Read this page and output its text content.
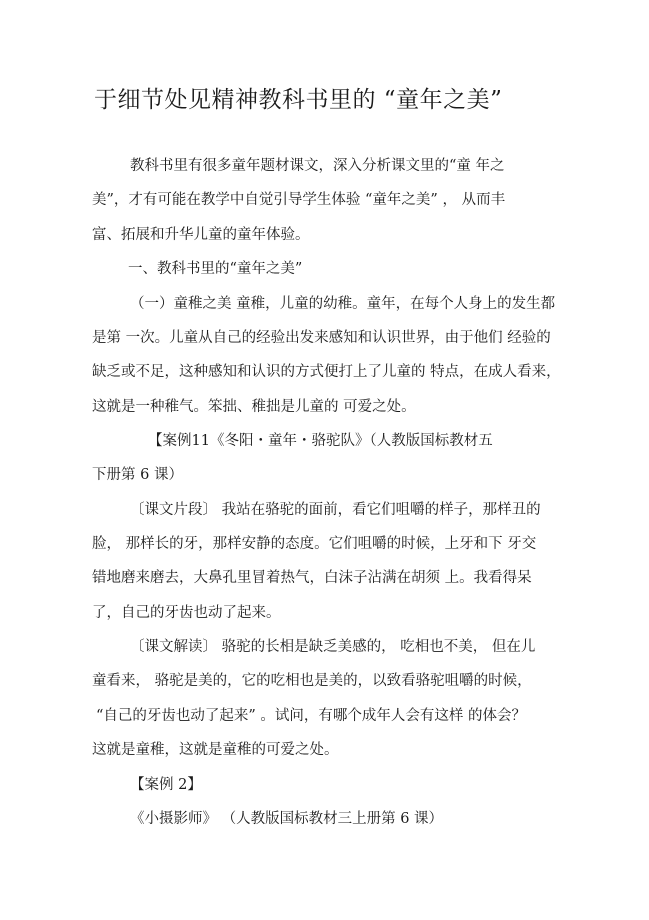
于细节处见精神教科书里的 “童年之美”
教科书里有很多童年题材课文，深入分析课文里的“童 年之
美”，才有可能在教学中自觉引导学生体验 “童年之美” ， 从而丰
富、拓展和升华儿童的童年体验。
一、教科书里的“童年之美”
（一）童稚之美 童稚，儿童的幼稚。童年，在每个人身上的发生都
是第 一次。儿童从自己的经验出发来感知和认识世界，由于他们 经验的
缺乏或不足，这种感知和认识的方式便打上了儿童的 特点，在成人看来，
这就是一种稚气。笨拙、稚拙是儿童的 可爱之处。
【案例11《冬阳・童年・骆驼队》（人教版国标教材五
下册第 6 课）
〔课文片段〕 我站在骆驼的面前，看它们咀嚼的样子，那样丑的
脸， 那样长的牙，那样安静的态度。它们咀嚼的时候，上牙和下 牙交
错地磨来磨去，大鼻孔里冒着热气，白沫子沾满在胡须 上。我看得呆
了，自己的牙齿也动了起来。
〔课文解读〕 骆驼的长相是缺乏美感的， 吃相也不美， 但在儿
童看来， 骆驼是美的，它的吃相也是美的，以致看骆驼咀嚼的时候，
“自己的牙齿也动了起来” 。试问，有哪个成年人会有这样 的体会？
这就是童稚，这就是童稚的可爱之处。
【案例 2】
《小摄影师》 （人教版国标教材三上册第 6 课）
